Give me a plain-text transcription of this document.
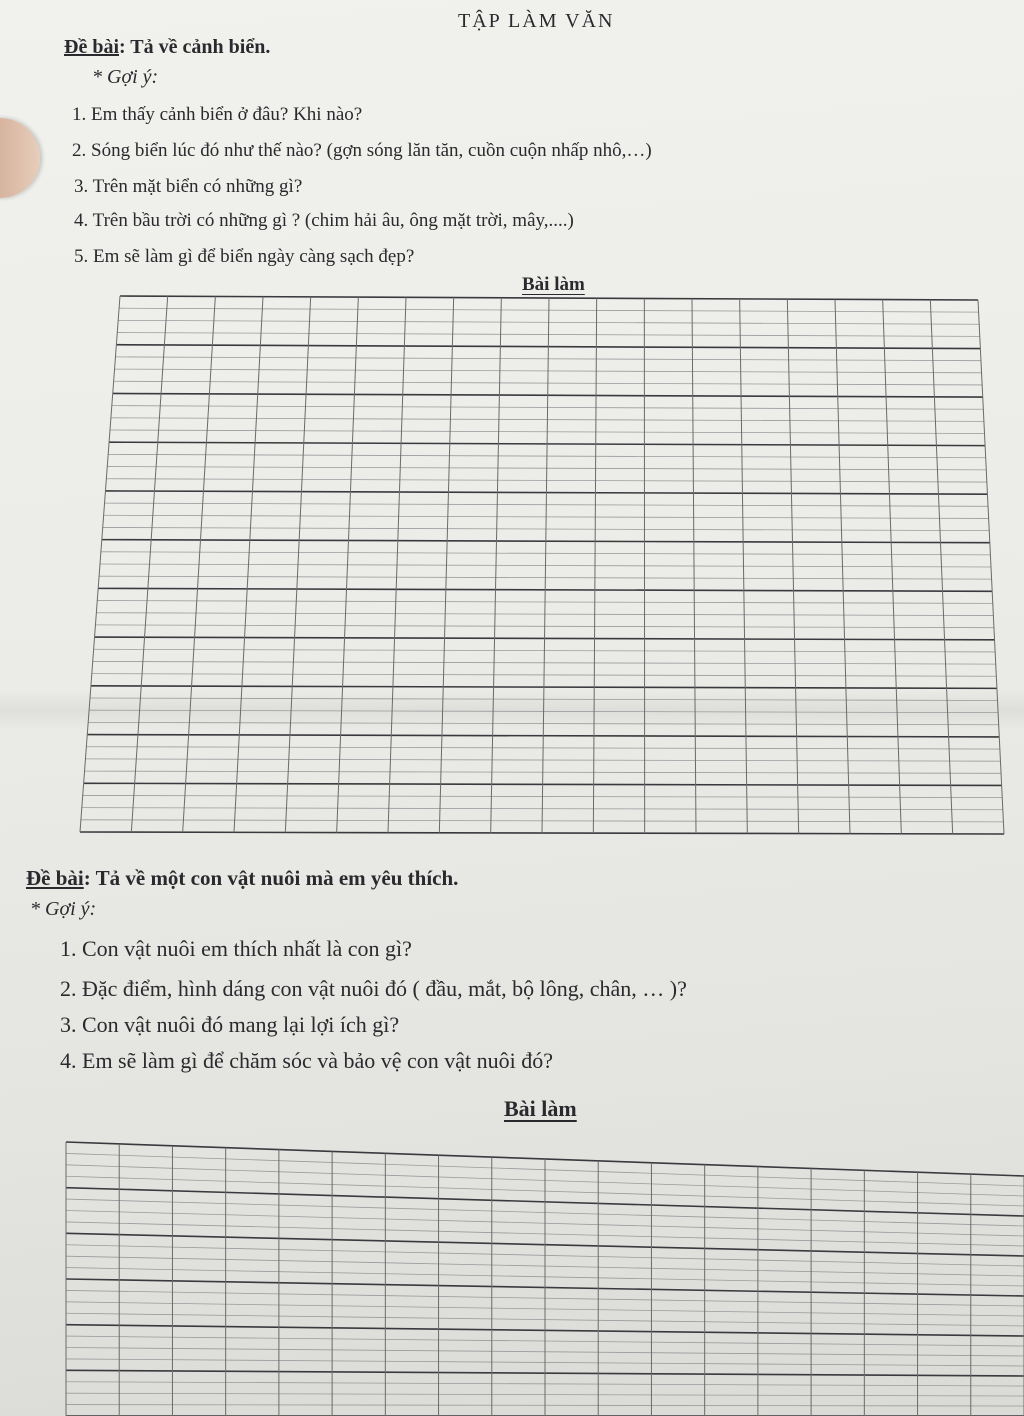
TẬP LÀM VĂN
Đề bài: Tả về cảnh biển.
* Gợi ý:
1. Em thấy cảnh biển ở đâu? Khi nào?
2. Sóng biển lúc đó như thế nào? (gợn sóng lăn tăn, cuồn cuộn nhấp nhô,…)
3. Trên mặt biển có những gì?
4. Trên bầu trời có những gì ? (chim hải âu, ông mặt trời, mây,....)
5. Em sẽ làm gì để biển ngày càng sạch đẹp?
Bài làm
Đề bài: Tả về một con vật nuôi mà em yêu thích.
* Gợi ý:
1. Con vật nuôi em thích nhất là con gì?
2. Đặc điểm, hình dáng con vật nuôi đó ( đầu, mắt, bộ lông, chân, … )?
3. Con vật nuôi đó mang lại lợi ích gì?
4. Em sẽ làm gì để chăm sóc và bảo vệ con vật nuôi đó?
Bài làm
